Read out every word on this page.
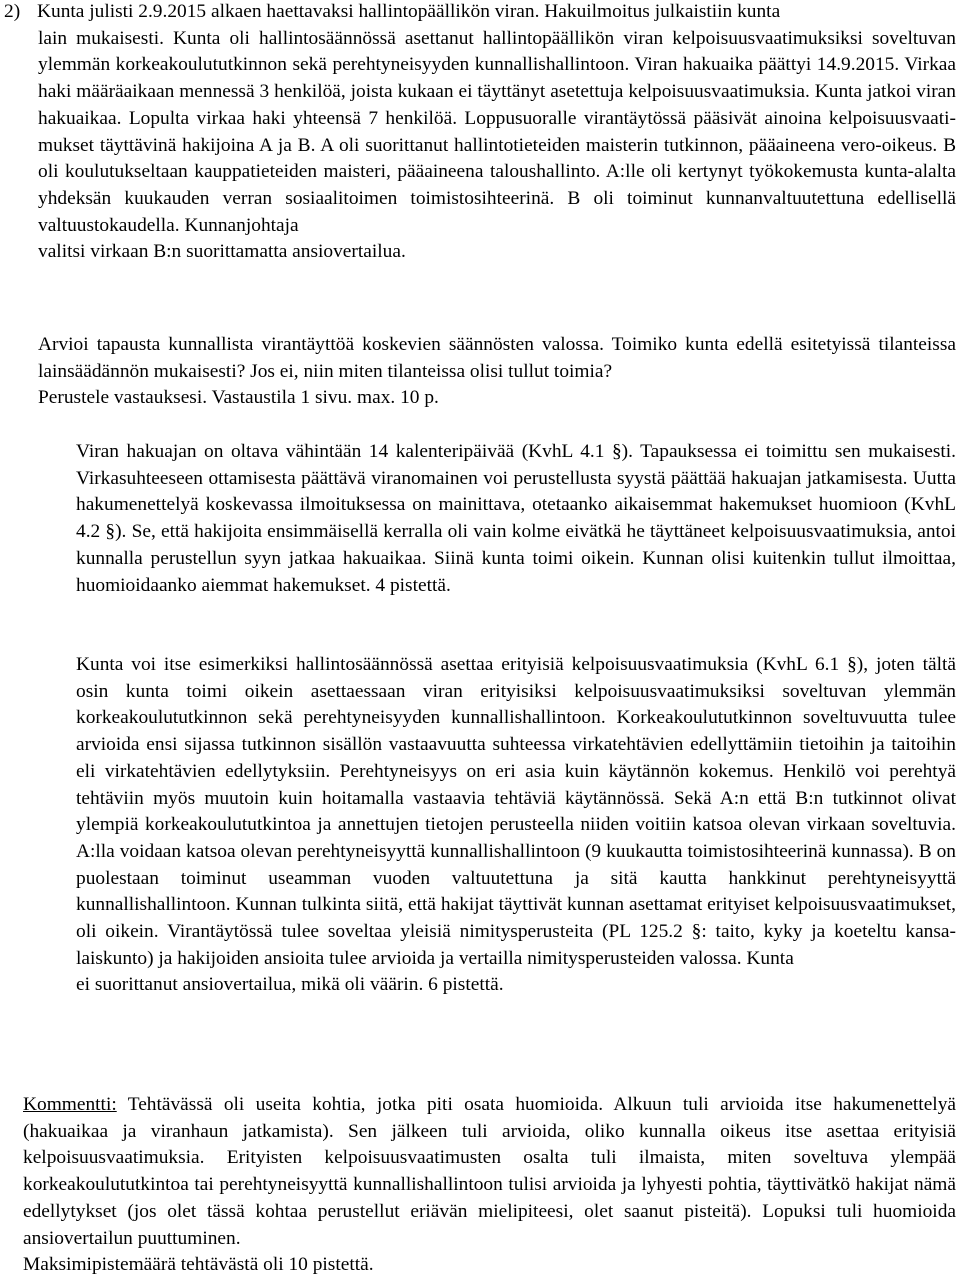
2) Kunta julisti 2.9.2015 alkaen haettavaksi hallintopäällikön viran. Hakuilmoitus julkaistiin kunta

lain mukaisesti. Kunta oli hallintosäännössä asettanut hallintopäällikön viran kelpoisuusvaatimuksiksi soveltuvan ylemmän korkeakoulututkinnon sekä perehtyneisyyden kunnallishallintoon. Viran hakuaika päättyi 14.9.2015. Virkaa haki määräaikaan mennessä 3 henkilöä, joista kukaan ei täyttänyt asetettuja kelpoisuusvaatimuksia. Kunta jatkoi viran hakuaikaa. Lopulta virkaa haki yhteensä 7 henkilöä. Loppusuoralle virantäytössä pääsivät ainoina kelpoisuusvaatimukset täyttävinä hakijoina A ja B. A oli suorittanut hallintotieteiden maisterin tutkinnon, pääaineena vero-oikeus. B oli koulutukseltaan kauppatieteiden maisteri, pääaineena taloushallinto. A:lle oli kertynyt työkokemusta kunta-alalta yhdeksän kuukauden verran sosiaalitoimen toimistosihteerinä. B oli toiminut kunnanvaltuutettuna edellisellä valtuustokaudella. Kunnanjohtaja
valitsi virkaan B:n suorittamatta ansiovertailua.

Arvioi tapausta kunnallista virantäyttöä koskevien säännösten valossa. Toimiko kunta edellä esitetyissä tilanteissa lainsäädännön mukaisesti? Jos ei, niin miten tilanteissa olisi tullut toimia?
Perustele vastauksesi. Vastaustila 1 sivu. max. 10 p.

Viran hakuajan on oltava vähintään 14 kalenteripäivää (KvhL 4.1 §). Tapauksessa ei toimittu sen mukaisesti. Virkasuhteeseen ottamisesta päättävä viranomainen voi perustellusta syystä päättää hakuajan jatkamisesta. Uutta hakumenettelyä koskevassa ilmoituksessa on mainittava, otetaanko aikaisemmat hakemukset huomioon (KvhL 4.2 §). Se, että hakijoita ensimmäisellä kerralla oli vain kolme eivätkä he täyttäneet kelpoisuusvaatimuksia, antoi kunnalla perustellun syyn jatkaa hakuaikaa. Siinä kunta toimi oikein. Kunnan olisi kuitenkin tullut ilmoittaa, huomioidaanko aiemmat hakemukset. 4 pistettä.

Kunta voi itse esimerkiksi hallintosäännössä asettaa erityisiä kelpoisuusvaatimuksia (KvhL 6.1 §), joten tältä osin kunta toimi oikein asettaessaan viran erityisiksi kelpoisuusvaatimuksiksi soveltuvan ylemmän korkeakoulututkinnon sekä perehtyneisyyden kunnallishallintoon. Korkeakoulututkinnon soveltuvuutta tulee arvioida ensi sijassa tutkinnon sisällön vastaavuutta suhteessa virkatehtävien edellyttämiin tietoihin ja taitoihin eli virkatehtävien edellytyksiin. Perehtyneisyys on eri asia kuin käytännön kokemus. Henkilö voi perehtyä tehtäviin myös muutoin kuin hoitamalla vastaavia tehtäviä käytännössä. Sekä A:n että B:n tutkinnot olivat ylempiä korkeakoulututkintoa ja annettujen tietojen perusteella niiden voitiin katsoa olevan virkaan soveltuvia. A:lla voidaan katsoa olevan perehtyneisyyttä kunnallishallintoon (9 kuukautta toimistosihteerinä kunnassa). B on puolestaan toiminut useamman vuoden valtuutettuna ja sitä kautta hankkinut perehtyneisyyttä kunnallishallintoon. Kunnan tulkinta siitä, että hakijat täyttivät kunnan asettamat erityiset kelpoisuusvaatimukset, oli oikein. Virantäytössä tulee soveltaa yleisiä nimitysperusteita (PL 125.2 §: taito, kyky ja koeteltu kansalaiskunto) ja hakijoiden ansioita tulee arvioida ja vertailla nimitysperusteiden valossa. Kunta
ei suorittanut ansiovertailua, mikä oli väärin. 6 pistettä.

Kommentti: Tehtävässä oli useita kohtia, jotka piti osata huomioida. Alkuun tuli arvioida itse hakumenettelyä (hakuaikaa ja viranhaun jatkamista). Sen jälkeen tuli arvioida, oliko kunnalla oikeus itse asettaa erityisiä kelpoisuusvaatimuksia. Erityisten kelpoisuusvaatimusten osalta tuli ilmaista, miten soveltuva ylempää korkeakoulututkintoa tai perehtyneisyyttä kunnallishallintoon tulisi arvioida ja lyhyesti pohtia, täyttivätkö hakijat nämä edellytykset (jos olet tässä kohtaa perustellut eriävän mielipiteesi, olet saanut pisteitä). Lopuksi tuli huomioida ansiovertailun puuttuminen.
Maksimipistemäärä tehtävästä oli 10 pistettä.
